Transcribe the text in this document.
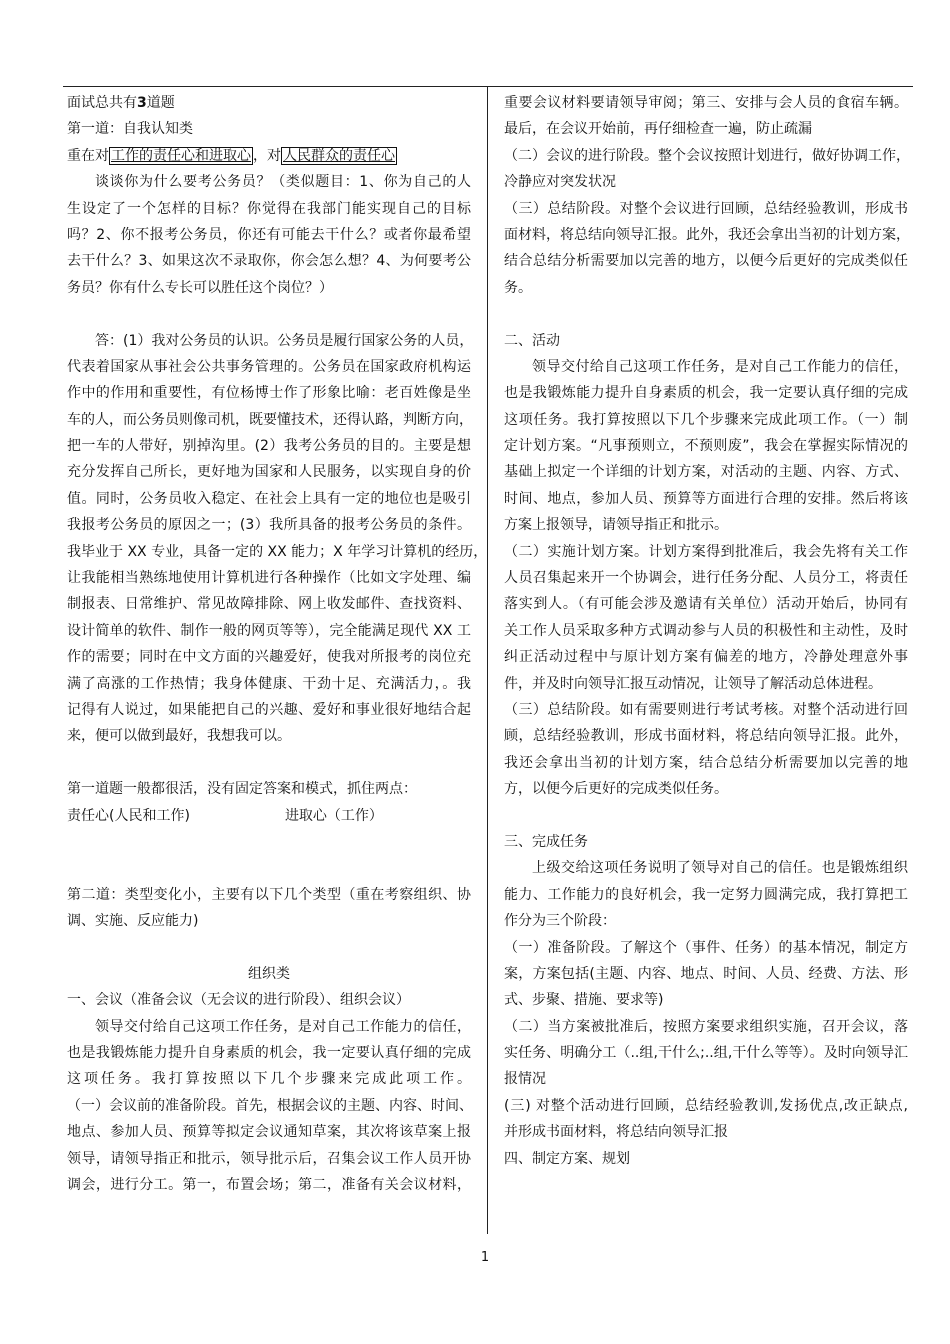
面试总共有3道题
第一道：自我认知类
重在对 工作的责任心和进取心 ，对 人民群众的责任心
谈谈你为什么要考公务员？（类似题目：1、你为自己的人
生设定了一个怎样的目标？你觉得在我部门能实现自己的目标
吗？2、你不报考公务员，你还有可能去干什么？或者你最希望
去干什么？3、如果这次不录取你，你会怎么想？4、为何要考公
务员？你有什么专长可以胜任这个岗位？）
答：(1）我对公务员的认识。公务员是履行国家公务的人员，
代表着国家从事社会公共事务管理的。公务员在国家政府机构运
作中的作用和重要性，有位杨博士作了形象比喻：老百姓像是坐
车的人，而公务员则像司机，既要懂技术，还得认路，判断方向，
把一车的人带好，别掉沟里。(2）我考公务员的目的。主要是想
充分发挥自己所长，更好地为国家和人民服务，以实现自身的价
值。同时，公务员收入稳定、在社会上具有一定的地位也是吸引
我报考公务员的原因之一；(3）我所具备的报考公务员的条件。
我毕业于 XX 专业，具备一定的 XX 能力；X 年学习计算机的经历，
让我能相当熟练地使用计算机进行各种操作（比如文字处理、编
制报表、日常维护、常见故障排除、网上收发邮件、查找资料、
设计简单的软件、制作一般的网页等等），完全能满足现代 XX 工
作的需要；同时在中文方面的兴趣爱好，使我对所报考的岗位充
满了高涨的工作热情；我身体健康、干劲十足、充满活力，。我
记得有人说过，如果能把自己的兴趣、爱好和事业很好地结合起
来，便可以做到最好，我想我可以。
第一道题一般都很活，没有固定答案和模式，抓住两点：
责任心(人民和工作)	进取心（工作）
第二道：类型变化小，主要有以下几个类型（重在考察组织、协
调、实施、反应能力)
组织类
一、会议（准备会议（无会议的进行阶段）、组织会议）
领导交付给自己这项工作任务，是对自己工作能力的信任，
也是我锻炼能力提升自身素质的机会，我一定要认真仔细的完成
这项任务。我打算按照以下几个步骤来完成此项工作。
（一）会议前的准备阶段。首先，根据会议的主题、内容、时间、
地点、参加人员、预算等拟定会议通知草案，其次将该草案上报
领导，请领导指正和批示，领导批示后，召集会议工作人员开协
调会，进行分工。第一，布置会场；第二，准备有关会议材料，
重要会议材料要请领导审阅；第三、安排与会人员的食宿车辆。
最后，在会议开始前，再仔细检查一遍，防止疏漏
（二）会议的进行阶段。整个会议按照计划进行，做好协调工作，
冷静应对突发状况
（三）总结阶段。对整个会议进行回顾，总结经验教训，形成书
面材料，将总结向领导汇报。此外，我还会拿出当初的计划方案，
结合总结分析需要加以完善的地方，以便今后更好的完成类似任
务。
二、活动
领导交付给自己这项工作任务，是对自己工作能力的信任，
也是我锻炼能力提升自身素质的机会，我一定要认真仔细的完成
这项任务。我打算按照以下几个步骤来完成此项工作。（一）制
定计划方案。“凡事预则立，不预则废”，我会在掌握实际情况的
基础上拟定一个详细的计划方案，对活动的主题、内容、方式、
时间、地点，参加人员、预算等方面进行合理的安排。然后将该
方案上报领导，请领导指正和批示。
（二）实施计划方案。计划方案得到批准后，我会先将有关工作
人员召集起来开一个协调会，进行任务分配、人员分工，将责任
落实到人。（有可能会涉及邀请有关单位）活动开始后，协同有
关工作人员采取多种方式调动参与人员的积极性和主动性，及时
纠正活动过程中与原计划方案有偏差的地方，冷静处理意外事
件，并及时向领导汇报互动情况，让领导了解活动总体进程。
（三）总结阶段。如有需要则进行考试考核。对整个活动进行回
顾，总结经验教训，形成书面材料，将总结向领导汇报。此外，
我还会拿出当初的计划方案，结合总结分析需要加以完善的地
方，以便今后更好的完成类似任务。
三、完成任务
上级交给这项任务说明了领导对自己的信任。也是锻炼组织
能力、工作能力的良好机会，我一定努力圆满完成，我打算把工
作分为三个阶段：
（一）准备阶段。了解这个（事件、任务）的基本情况，制定方
案，方案包括(主题、内容、地点、时间、人员、经费、方法、形
式、步聚、措施、要求等)
（二）当方案被批准后，按照方案要求组织实施，召开会议，落
实任务、明确分工（..组,干什么;..组,干什么等等）。及时向领导汇
报情况
(三) 对整个活动进行回顾，总结经验教训,发扬优点,改正缺点,
并形成书面材料，将总结向领导汇报
四、制定方案、规划
1
